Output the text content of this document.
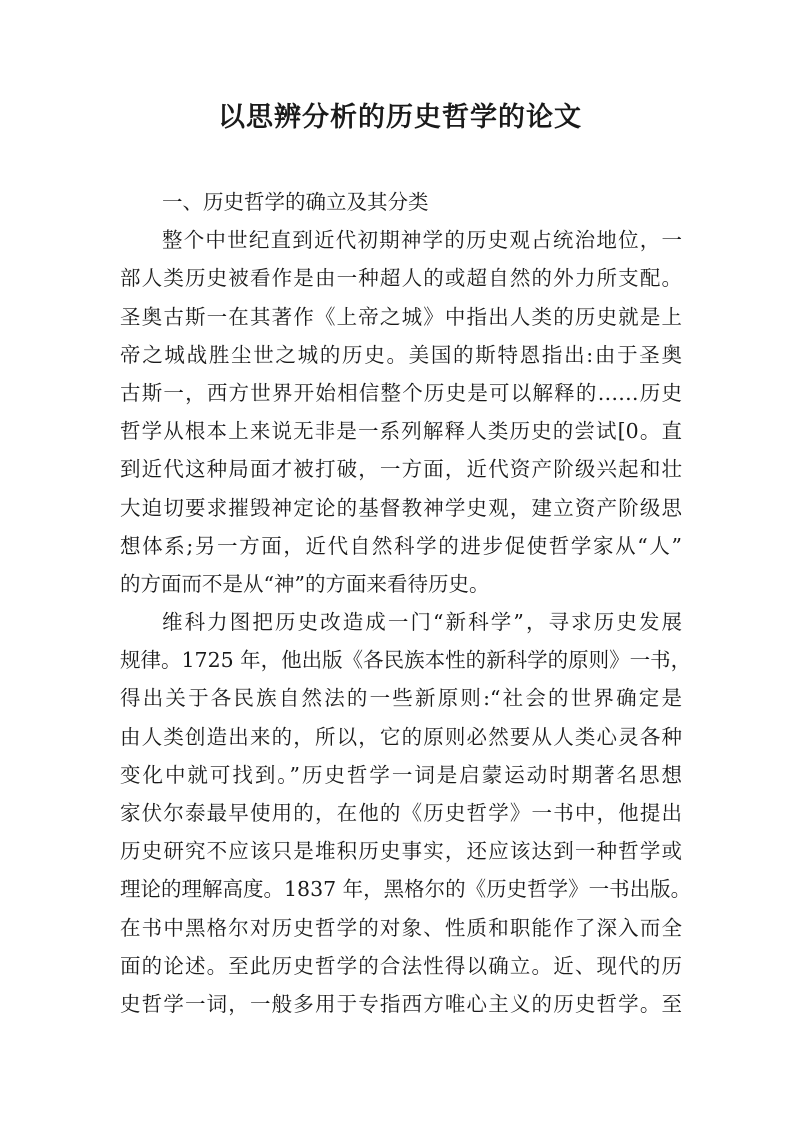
以思辨分析的历史哲学的论文
一、历史哲学的确立及其分类
整个中世纪直到近代初期神学的历史观占统治地位，一
部人类历史被看作是由一种超人的或超自然的外力所支配。
圣奥古斯一在其著作《上帝之城》中指出人类的历史就是上
帝之城战胜尘世之城的历史。美国的斯特恩指出:由于圣奥
古斯一，西方世界开始相信整个历史是可以解释的……历史
哲学从根本上来说无非是一系列解释人类历史的尝试[0。直
到近代这种局面才被打破，一方面，近代资产阶级兴起和壮
大迫切要求摧毁神定论的基督教神学史观，建立资产阶级思
想体系;另一方面，近代自然科学的进步促使哲学家从“人”
的方面而不是从“神”的方面来看待历史。
维科力图把历史改造成一门“新科学”，寻求历史发展
规律。1725 年，他出版《各民族本性的新科学的原则》一书，
得出关于各民族自然法的一些新原则:“社会的世界确定是
由人类创造出来的，所以，它的原则必然要从人类心灵各种
变化中就可找到。”历史哲学一词是启蒙运动时期著名思想
家伏尔泰最早使用的，在他的《历史哲学》一书中，他提出
历史研究不应该只是堆积历史事实，还应该达到一种哲学或
理论的理解高度。1837 年，黑格尔的《历史哲学》一书出版。
在书中黑格尔对历史哲学的对象、性质和职能作了深入而全
面的论述。至此历史哲学的合法性得以确立。近、现代的历
史哲学一词，一般多用于专指西方唯心主义的历史哲学。至
